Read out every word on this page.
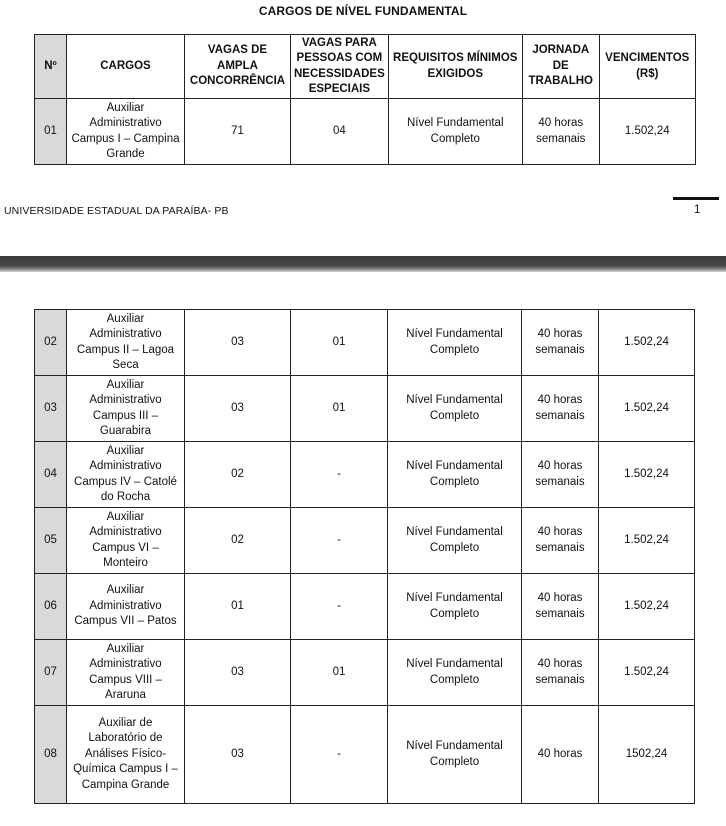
CARGOS DE NÍVEL FUNDAMENTAL
Nº	CARGOS	VAGAS DE AMPLA CONCORRÊNCIA	VAGAS PARA PESSOAS COM NECESSIDADES ESPECIAIS	REQUISITOS MÍNIMOS EXIGIDOS	JORNADA DE TRABALHO	VENCIMENTOS (R$)
01	Auxiliar Administrativo Campus I – Campina Grande	71	04	Nível Fundamental Completo	40 horas semanais	1.502,24
UNIVERSIDADE ESTADUAL DA PARAÍBA- PB	1
02	Auxiliar Administrativo Campus II – Lagoa Seca	03	01	Nível Fundamental Completo	40 horas semanais	1.502,24
03	Auxiliar Administrativo Campus III – Guarabira	03	01	Nível Fundamental Completo	40 horas semanais	1.502,24
04	Auxiliar Administrativo Campus IV – Catolé do Rocha	02	-	Nível Fundamental Completo	40 horas semanais	1.502,24
05	Auxiliar Administrativo Campus VI – Monteiro	02	-	Nível Fundamental Completo	40 horas semanais	1.502,24
06	Auxiliar Administrativo Campus VII – Patos	01	-	Nível Fundamental Completo	40 horas semanais	1.502,24
07	Auxiliar Administrativo Campus VIII – Araruna	03	01	Nível Fundamental Completo	40 horas semanais	1.502,24
08	Auxiliar de Laboratório de Análises Físico-Química Campus I – Campina Grande	03	-	Nível Fundamental Completo	40 horas	1502,24
